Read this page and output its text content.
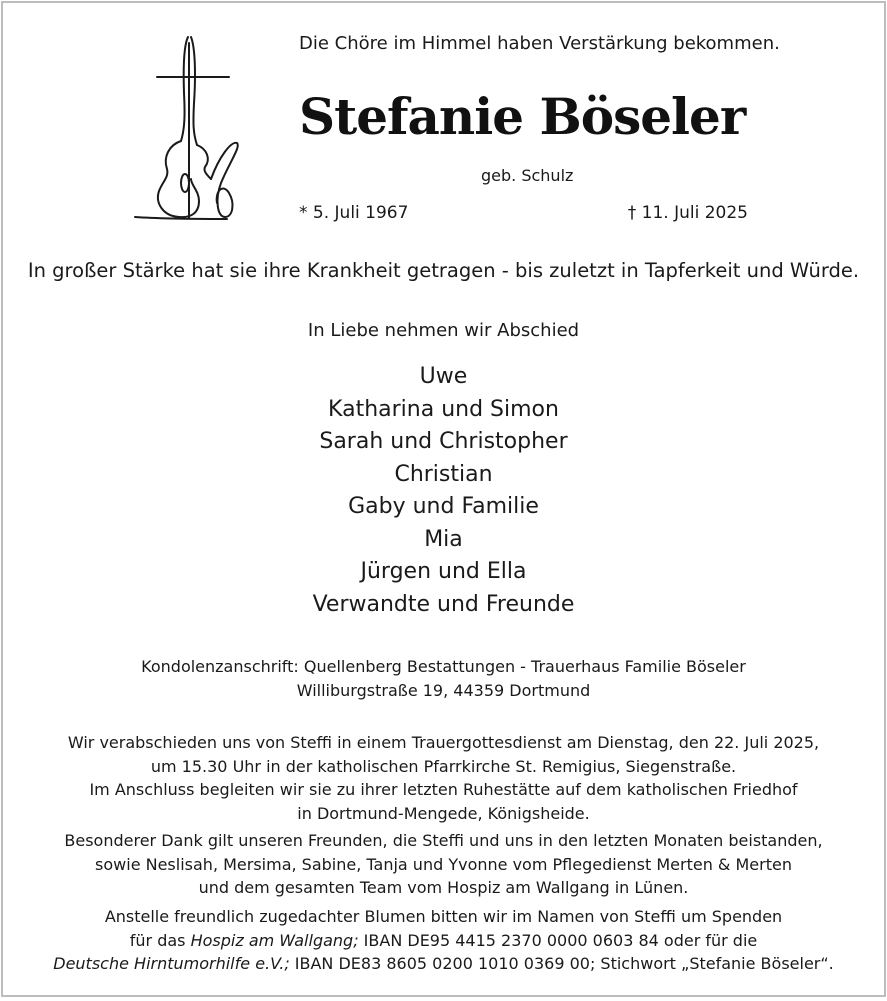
Die Chöre im Himmel haben Verstärkung bekommen.

Stefanie Böseler

geb. Schulz

* 5. Juli 1967	† 11. Juli 2025

In großer Stärke hat sie ihre Krankheit getragen - bis zuletzt in Tapferkeit und Würde.

In Liebe nehmen wir Abschied

Uwe
Katharina und Simon
Sarah und Christopher
Christian
Gaby und Familie
Mia
Jürgen und Ella
Verwandte und Freunde
Kondolenzanschrift: Quellenberg Bestattungen - Trauerhaus Familie Böseler
Williburgstraße 19, 44359 Dortmund
Wir verabschieden uns von Steffi in einem Trauergottesdienst am Dienstag, den 22. Juli 2025,
um 15.30 Uhr in der katholischen Pfarrkirche St. Remigius, Siegenstraße.
Im Anschluss begleiten wir sie zu ihrer letzten Ruhestätte auf dem katholischen Friedhof
in Dortmund-Mengede, Königsheide.
Besonderer Dank gilt unseren Freunden, die Steffi und uns in den letzten Monaten beistanden,
sowie Neslisah, Mersima, Sabine, Tanja und Yvonne vom Pflegedienst Merten & Merten
und dem gesamten Team vom Hospiz am Wallgang in Lünen.
Anstelle freundlich zugedachter Blumen bitten wir im Namen von Steffi um Spenden
für das Hospiz am Wallgang; IBAN DE95 4415 2370 0000 0603 84 oder für die
Deutsche Hirntumorhilfe e.V.; IBAN DE83 8605 0200 1010 0369 00; Stichwort „Stefanie Böseler“.
